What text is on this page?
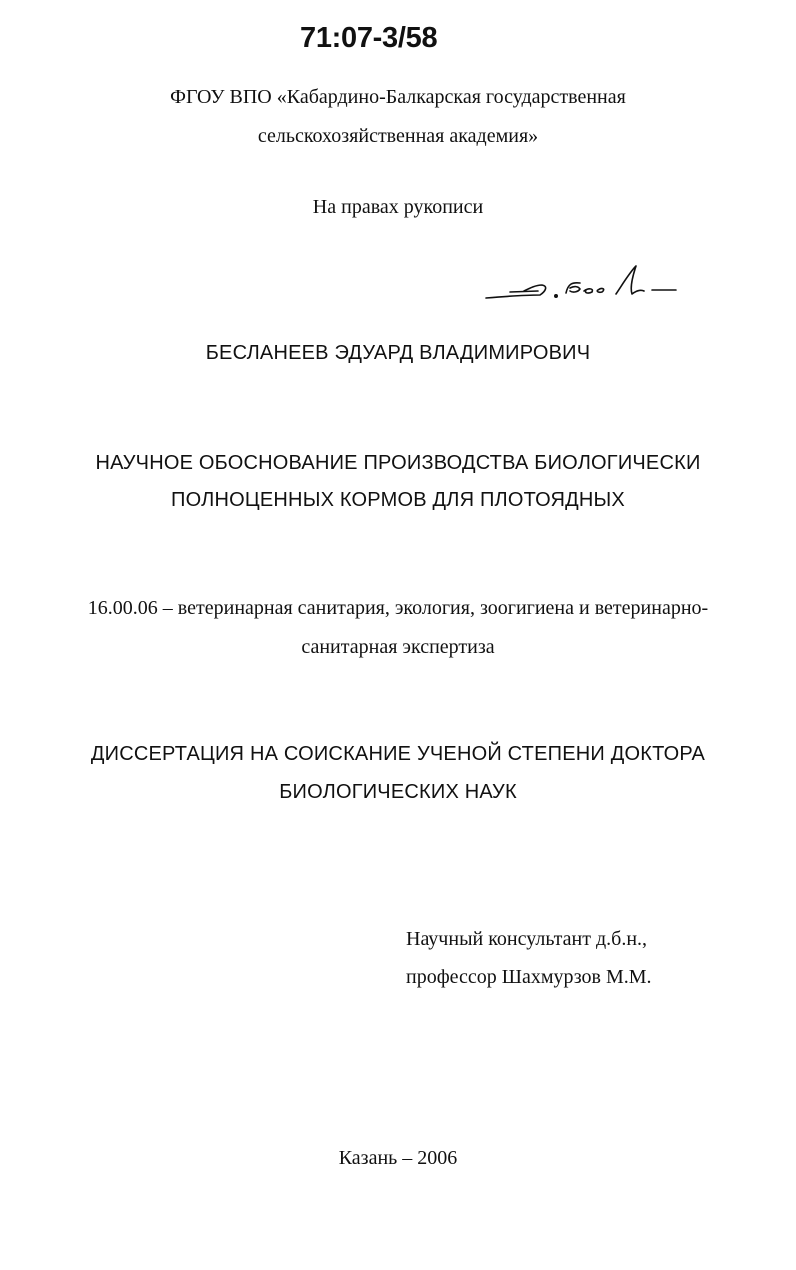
71:07-3/58
ФГОУ ВПО «Кабардино-Балкарская государственная
сельскохозяйственная академия»
На правах рукописи
БЕСЛАНЕЕВ ЭДУАРД ВЛАДИМИРОВИЧ
НАУЧНОЕ ОБОСНОВАНИЕ ПРОИЗВОДСТВА БИОЛОГИЧЕСКИ
ПОЛНОЦЕННЫХ КОРМОВ ДЛЯ ПЛОТОЯДНЫХ
16.00.06 – ветеринарная санитария, экология, зоогигиена и ветеринарно-
санитарная экспертиза
ДИССЕРТАЦИЯ НА СОИСКАНИЕ УЧЕНОЙ СТЕПЕНИ ДОКТОРА
БИОЛОГИЧЕСКИХ НАУК
Научный консультант д.б.н.,
профессор Шахмурзов М.М.
Казань – 2006
